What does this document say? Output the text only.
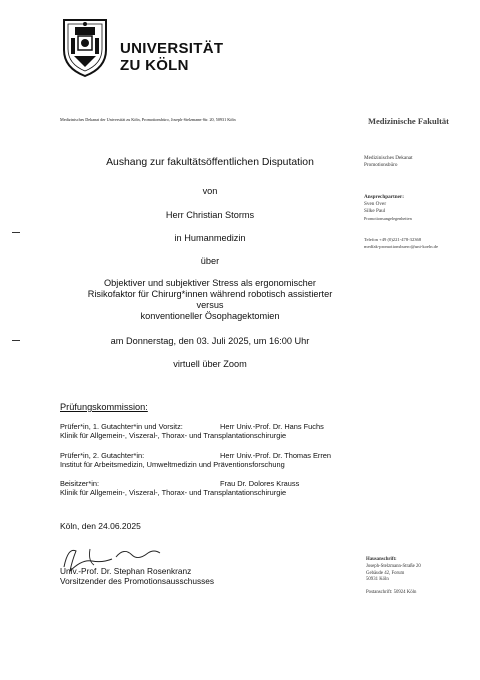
UNIVERSITÄT
ZU KÖLN
Medizinisches Dekanat der Universität zu Köln, Promotionsbüro, Joseph-Stelzmann-Str. 20, 50931 Köln	Medizinische Fakultät
Medizinisches Dekanat
Promotionsbüro
Ansprechpartner:
Sven Over
Silke Paul
Promotionsangelegenheiten
Telefon +49 (0)221-478-32368
medfak-promotionsbuero@uni-koeln.de
Aushang zur fakultätsöffentlichen Disputation
von
Herr Christian Storms
in Humanmedizin
über
Objektiver und subjektiver Stress als ergonomischer
Risikofaktor für Chirurg*innen während robotisch assistierter
versus
konventioneller Ösophagektomien
am Donnerstag, den 03. Juli 2025, um 16:00 Uhr
virtuell über Zoom
Prüfungskommission:
Prüfer*in, 1. Gutachter*in und Vorsitz:	Herr Univ.-Prof. Dr. Hans Fuchs
Klinik für Allgemein-, Viszeral-, Thorax- und Transplantationschirurgie
Prüfer*in, 2. Gutachter*in:	Herr Univ.-Prof. Dr. Thomas Erren
Institut für Arbeitsmedizin, Umweltmedizin und Präventionsforschung
Beisitzer*in:	Frau Dr. Dolores Krauss
Klinik für Allgemein-, Viszeral-, Thorax- und Transplantationschirurgie
Köln, den 24.06.2025
Univ.-Prof. Dr. Stephan Rosenkranz
Vorsitzender des Promotionsausschusses
Hausanschrift:
Joseph-Stelzmann-Straße 20
Gebäude 42, Forum
50931 Köln
Postanschrift: 50924 Köln
